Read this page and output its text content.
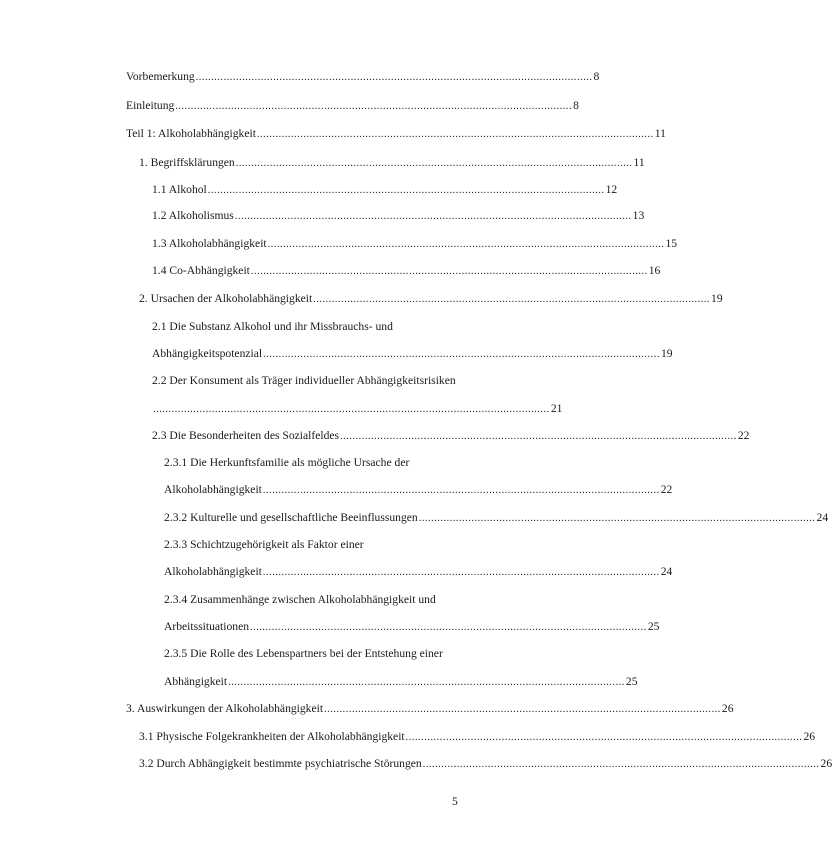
Vorbemerkung ................................................................................................................................ 8
Einleitung ................................................................................................................................ 8
Teil 1: Alkoholabhängigkeit ................................................................................................................................ 11
1. Begriffsklärungen ................................................................................................................................ 11
1.1 Alkohol ................................................................................................................................ 12
1.2 Alkoholismus ................................................................................................................................ 13
1.3 Alkoholabhängigkeit ................................................................................................................................ 15
1.4 Co-Abhängigkeit ................................................................................................................................ 16
2. Ursachen der Alkoholabhängigkeit ................................................................................................................................ 19
2.1 Die Substanz Alkohol und ihr Missbrauchs- und
Abhängigkeitspotenzial ................................................................................................................................ 19
2.2 Der Konsument als Träger individueller Abhängigkeitsrisiken
................................................................................................................................ 21
2.3 Die Besonderheiten des Sozialfeldes ................................................................................................................................ 22
2.3.1 Die Herkunftsfamilie als mögliche Ursache der
Alkoholabhängigkeit ................................................................................................................................ 22
2.3.2 Kulturelle und gesellschaftliche Beeinflussungen ................................................................................................................................ 24
2.3.3 Schichtzugehörigkeit als Faktor einer
Alkoholabhängigkeit ................................................................................................................................ 24
2.3.4 Zusammenhänge zwischen Alkoholabhängigkeit und
Arbeitssituationen ................................................................................................................................ 25
2.3.5 Die Rolle des Lebenspartners bei der Entstehung einer
Abhängigkeit ................................................................................................................................ 25
3. Auswirkungen der Alkoholabhängigkeit ................................................................................................................................ 26
3.1 Physische Folgekrankheiten der Alkoholabhängigkeit ................................................................................................................................ 26
3.2 Durch Abhängigkeit bestimmte psychiatrische Störungen ................................................................................................................................ 26
5
